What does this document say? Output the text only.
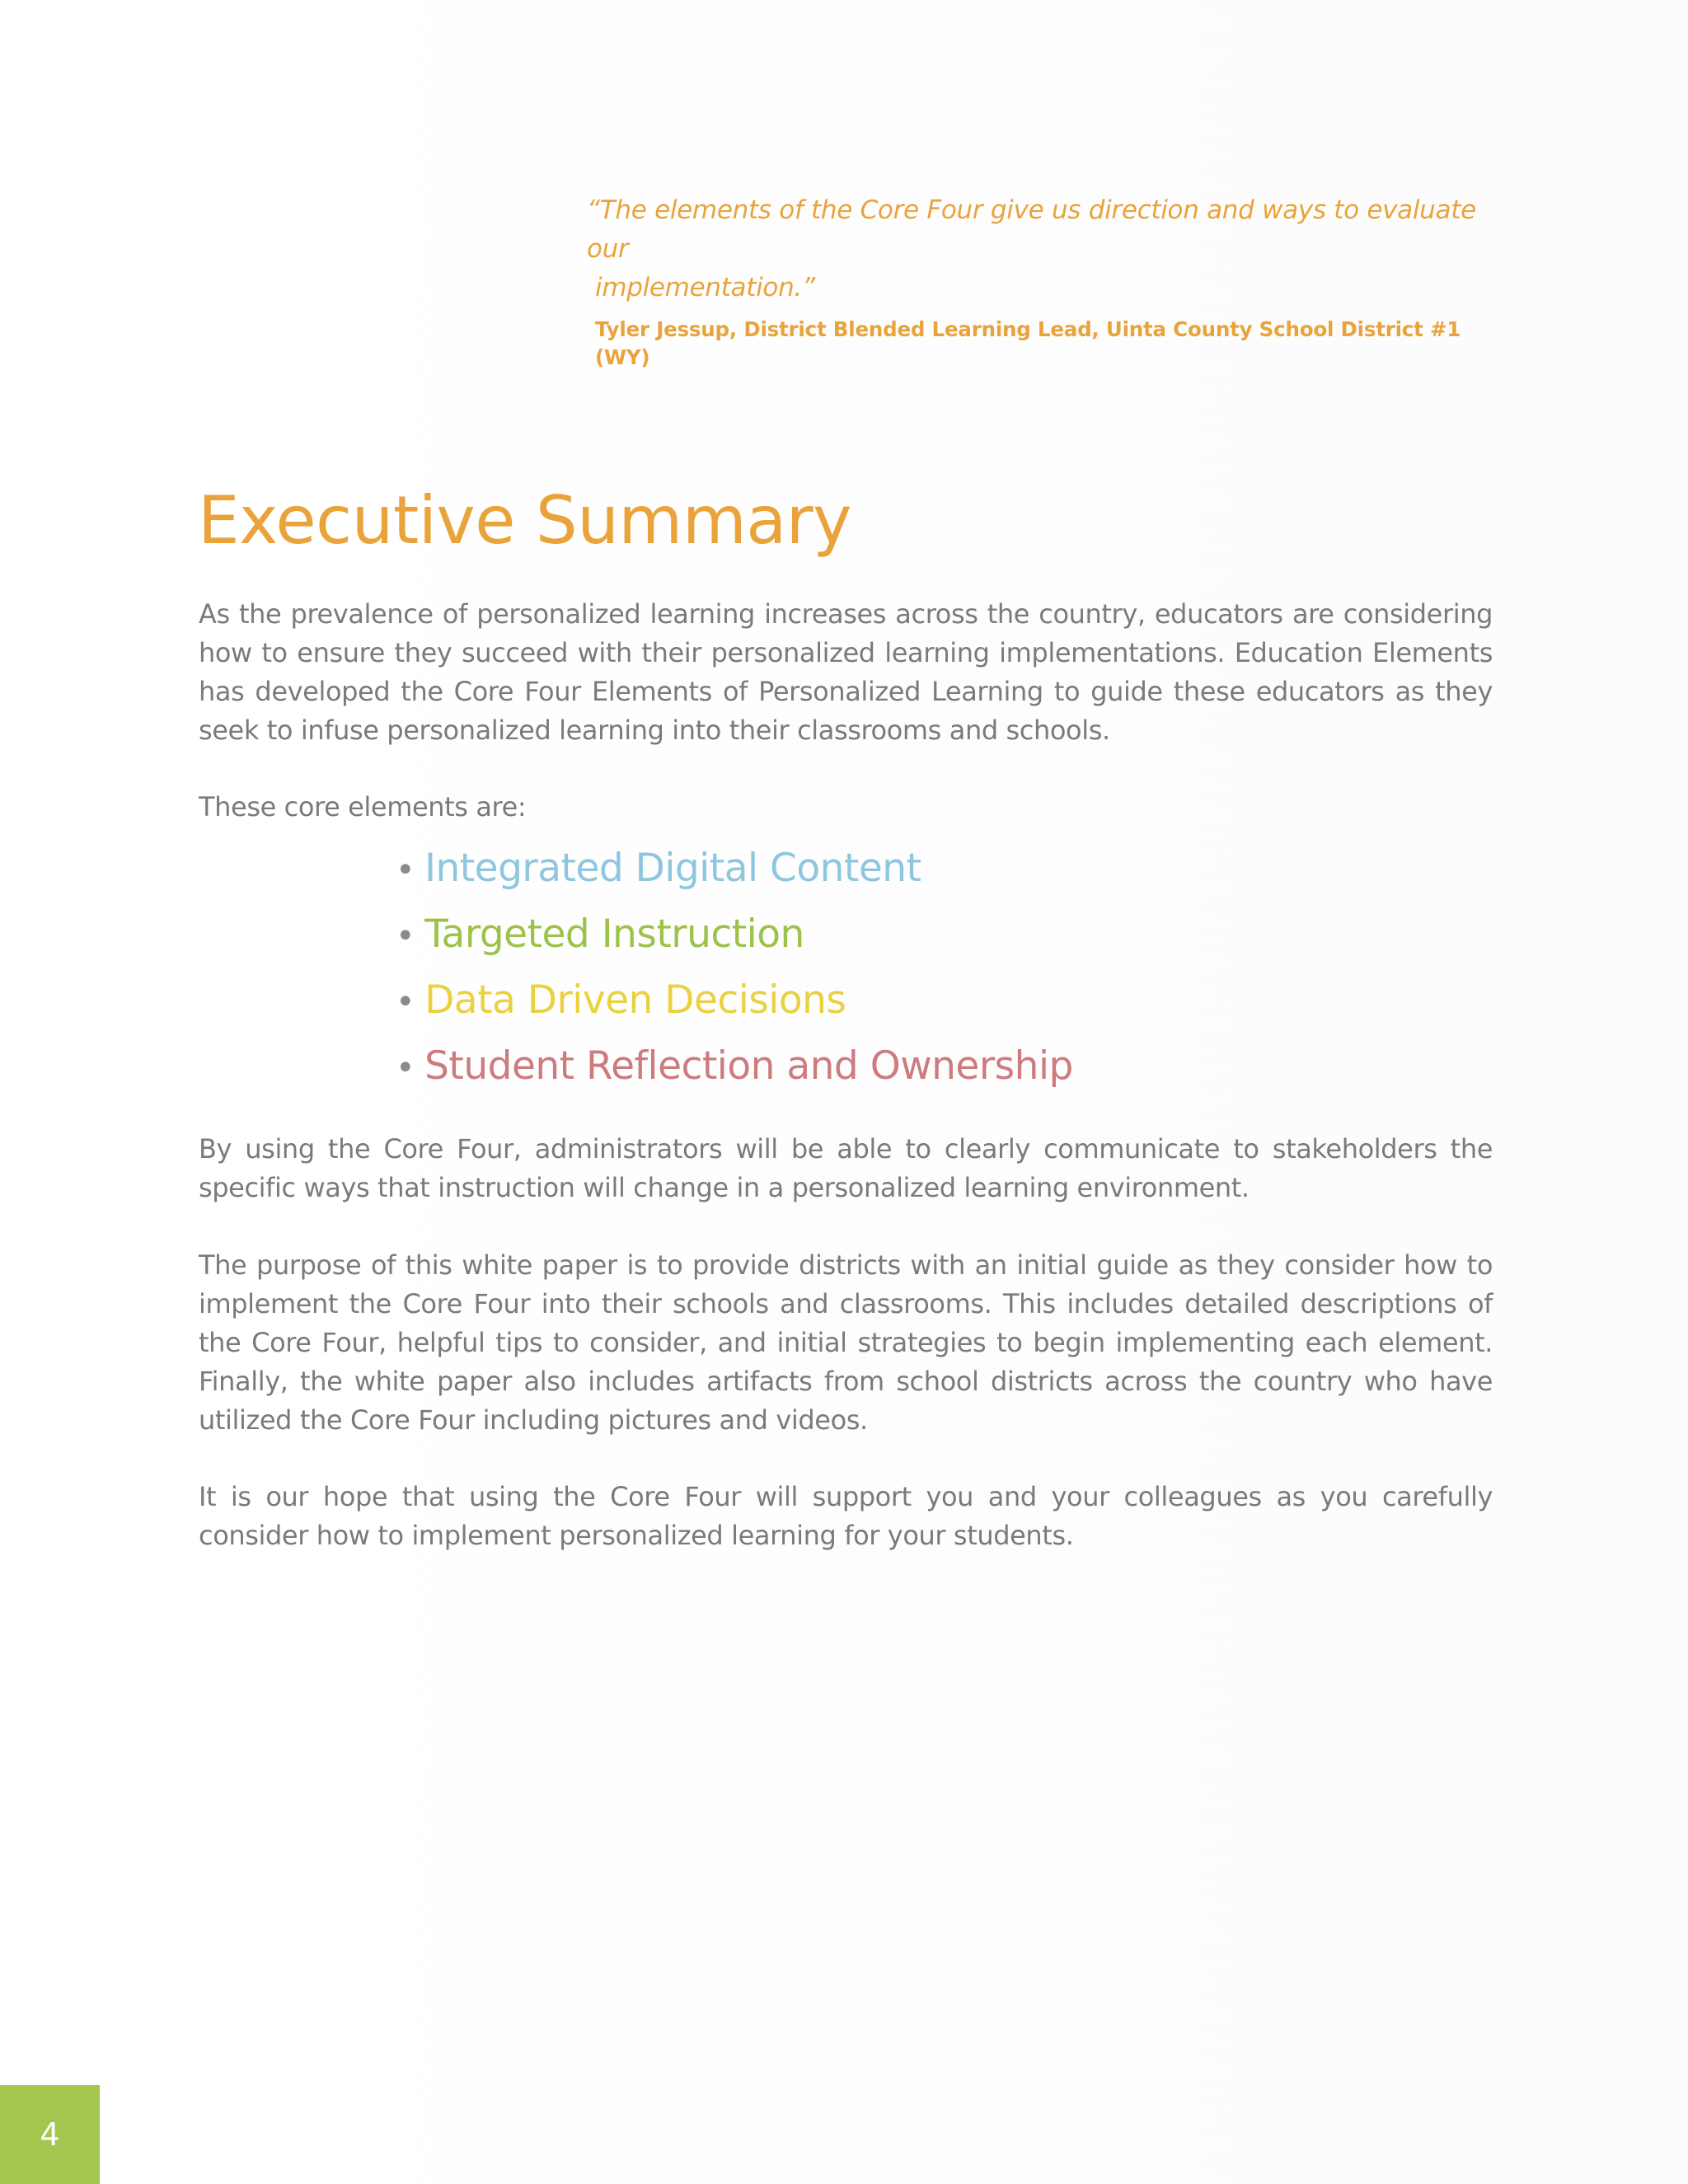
“The elements of the Core Four give us direction and ways to evaluate our
implementation.”
Tyler Jessup, District Blended Learning Lead, Uinta County School District #1 (WY)
Executive Summary
As the prevalence of personalized learning increases across the country, educators are considering how to ensure they succeed with their personalized learning implementations. Education Elements has developed the Core Four Elements of Personalized Learning to guide these educators as they seek to infuse personalized learning into their classrooms and schools.
These core elements are:
• Integrated Digital Content
• Targeted Instruction
• Data Driven Decisions
• Student Reflection and Ownership
By using the Core Four, administrators will be able to clearly communicate to stakeholders the specific ways that instruction will change in a personalized learning environment.
The purpose of this white paper is to provide districts with an initial guide as they consider how to implement the Core Four into their schools and classrooms. This includes detailed descriptions of the Core Four, helpful tips to consider, and initial strategies to begin implementing each element. Finally, the white paper also includes artifacts from school districts across the country who have utilized the Core Four including pictures and videos.
It is our hope that using the Core Four will support you and your colleagues as you carefully consider how to implement personalized learning for your students.
4
